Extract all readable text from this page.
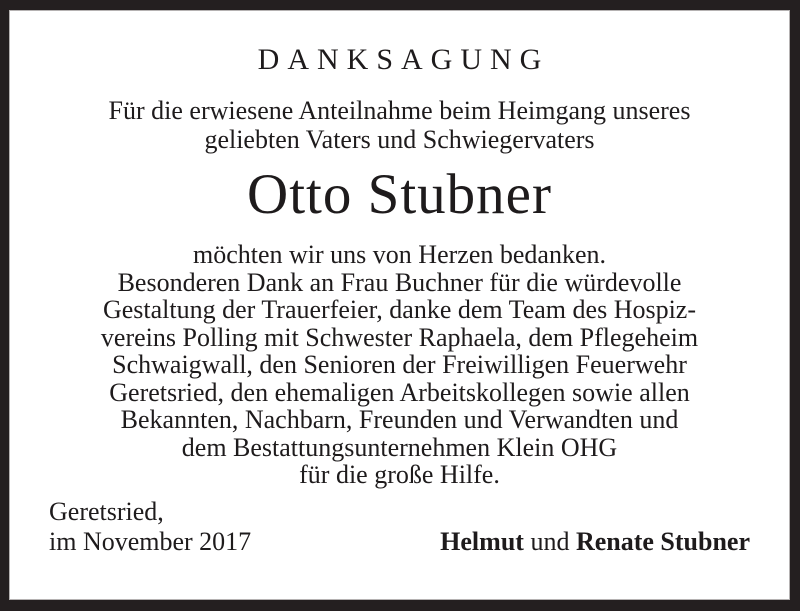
DANKSAGUNG
Für die erwiesene Anteilnahme beim Heimgang unseres
geliebten Vaters und Schwiegervaters
Otto Stubner
möchten wir uns von Herzen bedanken.
Besonderen Dank an Frau Buchner für die würdevolle
Gestaltung der Trauerfeier, danke dem Team des Hospiz-
vereins Polling mit Schwester Raphaela, dem Pflegeheim
Schwaigwall, den Senioren der Freiwilligen Feuerwehr
Geretsried, den ehemaligen Arbeitskollegen sowie allen
Bekannten, Nachbarn, Freunden und Verwandten und
dem Bestattungsunternehmen Klein OHG
für die große Hilfe.
Geretsried,
im November 2017	Helmut und Renate Stubner
